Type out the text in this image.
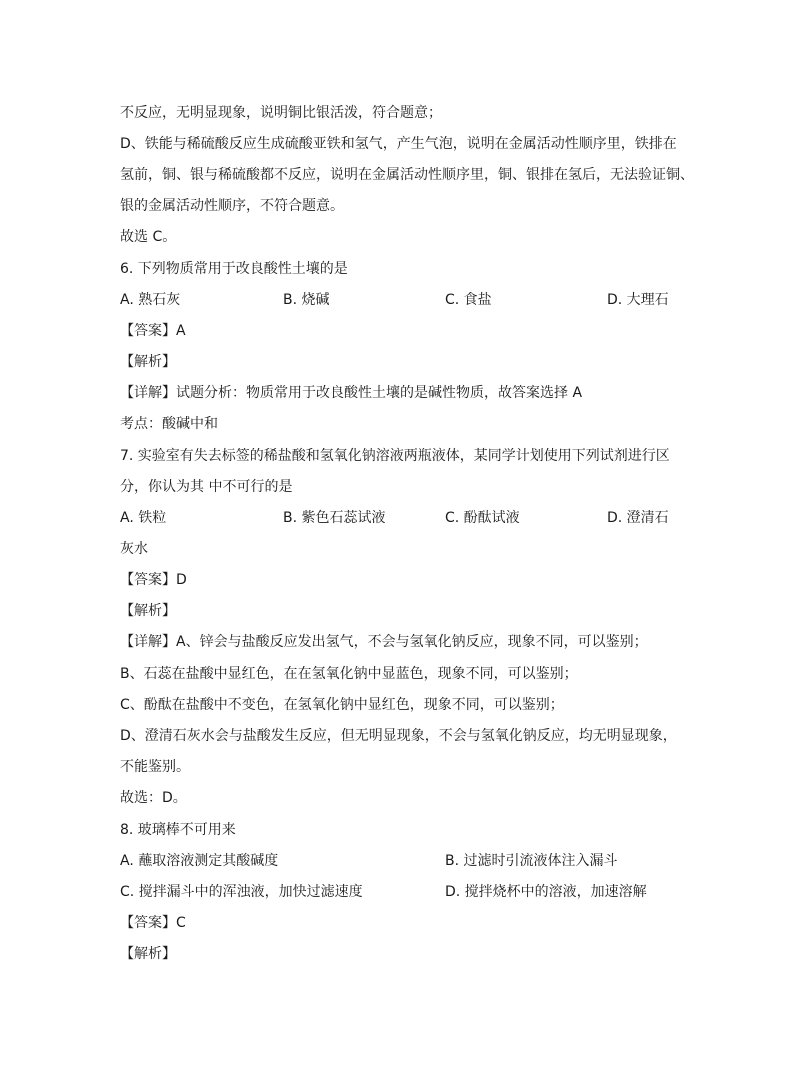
不反应，无明显现象，说明铜比银活泼，符合题意；
D、铁能与稀硫酸反应生成硫酸亚铁和氢气，产生气泡，说明在金属活动性顺序里，铁排在
氢前，铜、银与稀硫酸都不反应，说明在金属活动性顺序里，铜、银排在氢后，无法验证铜、
银的金属活动性顺序，不符合题意。
故选 C。
6. 下列物质常用于改良酸性土壤的是
A. 熟石灰	B. 烧碱	C. 食盐	D. 大理石
【答案】A
【解析】
【详解】试题分析：物质常用于改良酸性土壤的是碱性物质，故答案选择 A
考点：酸碱中和
7. 实验室有失去标签的稀盐酸和氢氧化钠溶液两瓶液体，某同学计划使用下列试剂进行区
分，你认为其 中不可行的是
A. 铁粒	B. 紫色石蕊试液	C. 酚酞试液	D. 澄清石
灰水
【答案】D
【解析】
【详解】A、锌会与盐酸反应发出氢气，不会与氢氧化钠反应，现象不同，可以鉴别；
B、石蕊在盐酸中显红色，在在氢氧化钠中显蓝色，现象不同，可以鉴别；
C、酚酞在盐酸中不变色，在氢氧化钠中显红色，现象不同，可以鉴别；
D、澄清石灰水会与盐酸发生反应，但无明显现象，不会与氢氧化钠反应，均无明显现象，
不能鉴别。
故选：D。
8. 玻璃棒不可用来
A. 蘸取溶液测定其酸碱度	B. 过滤时引流液体注入漏斗
C. 搅拌漏斗中的浑浊液，加快过滤速度	D. 搅拌烧杯中的溶液，加速溶解
【答案】C
【解析】
